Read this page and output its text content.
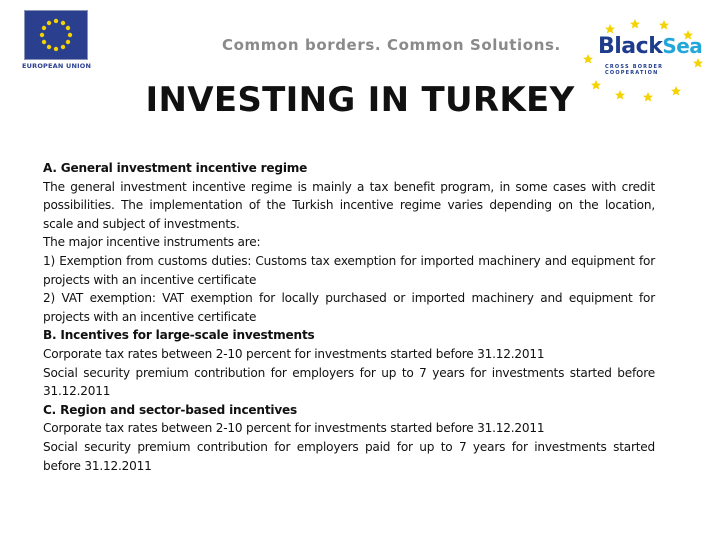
EUROPEAN UNION
Common borders. Common Solutions. BlackSea
CROSS BORDER
COOPERATION
INVESTING IN TURKEY

A. General investment incentive regime

The general investment incentive regime is mainly a tax benefit program, in some cases with credit possibilities. The implementation of the Turkish incentive regime varies depending on the location, scale and subject of investments.

The major incentive instruments are:

1) Exemption from customs duties: Customs tax exemption for imported machinery and equipment for projects with an incentive certificate

2) VAT exemption: VAT exemption for locally purchased or imported machinery and equipment for projects with an incentive certificate

B. Incentives for large-scale investments

Corporate tax rates between 2-10 percent for investments started before 31.12.2011

Social security premium contribution for employers for up to 7 years for investments started before 31.12.2011

C. Region and sector-based incentives

Corporate tax rates between 2-10 percent for investments started before 31.12.2011

Social security premium contribution for employers paid for up to 7 years for investments started before 31.12.2011
